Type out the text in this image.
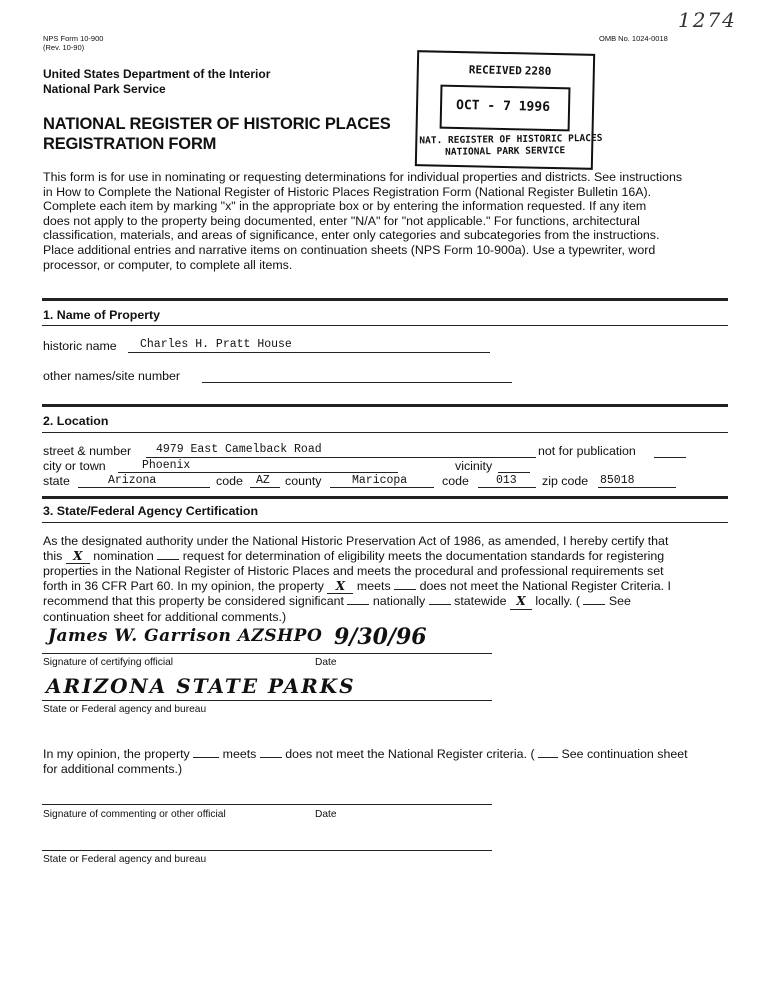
NPS Form 10-900
(Rev. 10-90)
OMB No. 1024-0018
1274
United States Department of the Interior
National Park Service
NATIONAL REGISTER OF HISTORIC PLACES
REGISTRATION FORM
RECEIVED 2280
OCT - 7 1996
NAT. REGISTER OF HISTORIC PLACES
NATIONAL PARK SERVICE
This form is for use in nominating or requesting determinations for individual properties and districts. See instructions
in How to Complete the National Register of Historic Places Registration Form (National Register Bulletin 16A).
Complete each item by marking "x" in the appropriate box or by entering the information requested. If any item
does not apply to the property being documented, enter "N/A" for "not applicable." For functions, architectural
classification, materials, and areas of significance, enter only categories and subcategories from the instructions.
Place additional entries and narrative items on continuation sheets (NPS Form 10-900a). Use a typewriter, word
processor, or computer, to complete all items.
1. Name of Property
historic name Charles H. Pratt House
other names/site number
2. Location
street & number 4979 East Camelback Road	not for publication
city or town	Phoenix	vicinity
state	Arizona	code AZ county	Maricopa	code 013 zip code 85018
3. State/Federal Agency Certification
As the designated authority under the National Historic Preservation Act of 1986, as amended, I hereby certify that
this X nomination request for determination of eligibility meets the documentation standards for registering
properties in the National Register of Historic Places and meets the procedural and professional requirements set
forth in 36 CFR Part 60. In my opinion, the property X meets does not meet the National Register Criteria. I
recommend that this property be considered significant nationally statewide X locally. ( See
continuation sheet for additional comments.)
James W. Garrison AZSHPO 9/30/96
Signature of certifying official	Date
ARIZONA STATE PARKS
State or Federal agency and bureau
In my opinion, the property	meets does not meet the National Register criteria. ( See continuation sheet
for additional comments.)
Signature of commenting or other official	Date
State or Federal agency and bureau
